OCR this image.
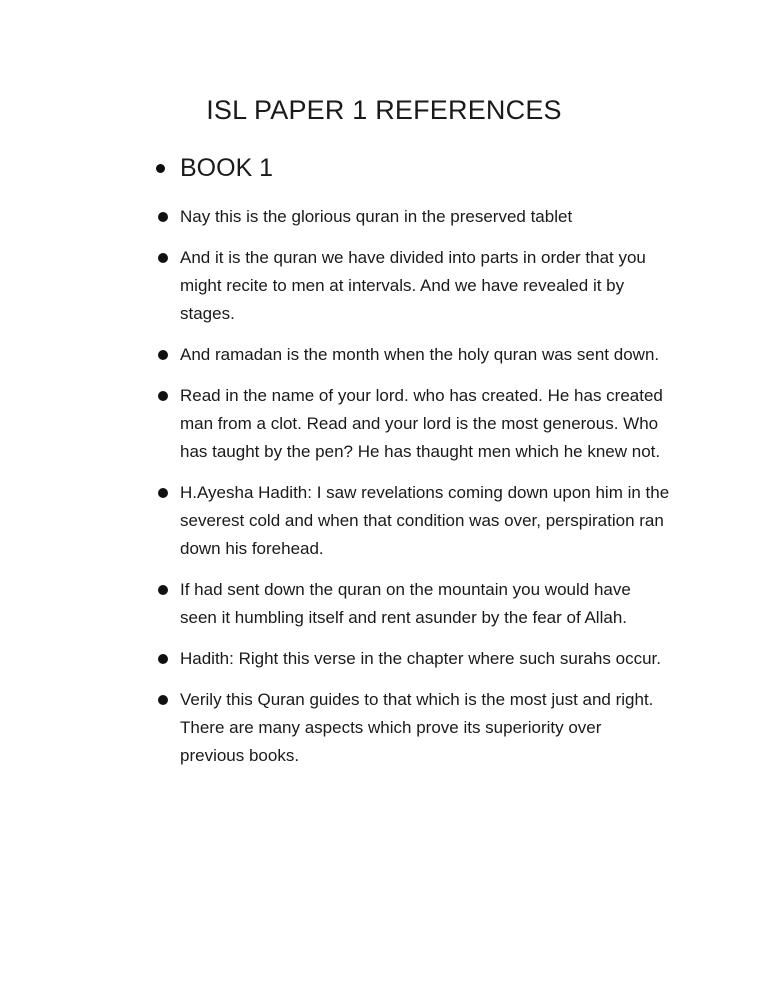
ISL PAPER 1 REFERENCES
BOOK 1
Nay this is the glorious quran in the preserved tablet
And it is the quran we have divided into parts in order that you might recite to men at intervals. And we have revealed it by stages.
And ramadan is the month when the holy quran was sent down.
Read in the name of your lord. who has created. He has created man from a clot. Read and your lord is the most generous. Who has taught by the pen? He has thaught men which he knew not.
H.Ayesha Hadith: I saw revelations coming down upon him in the severest cold and when that condition was over, perspiration ran down his forehead.
If had sent down the quran on the mountain you would have seen it humbling itself and rent asunder by the fear of Allah.
Hadith: Right this verse in the chapter where such surahs occur.
Verily this Quran guides to that which is the most just and right. There are many aspects which prove its superiority over previous books.
